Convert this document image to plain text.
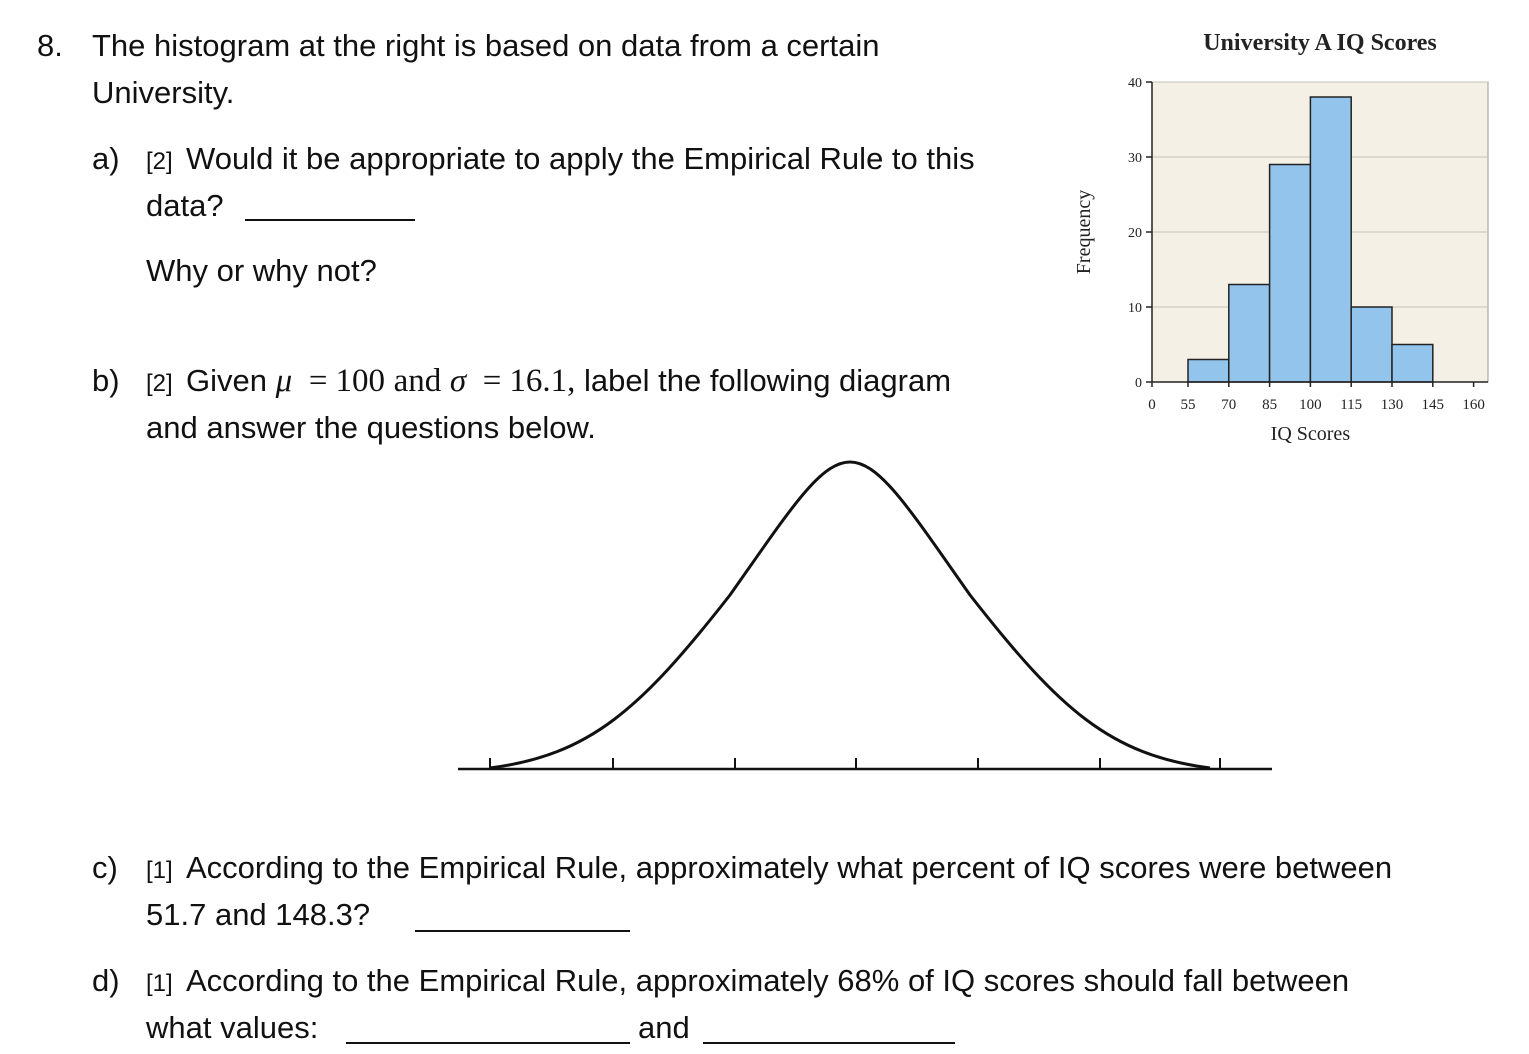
8. The histogram at the right is based on data from a certain
University.
a) [2] Would it be appropriate to apply the Empirical Rule to this
data?
Why or why not?
b) [2] Given μ = 100 and σ = 16.1, label the following diagram
and answer the questions below.
University A IQ Scores
0
10
20
30
40
0 55 70 85 100 115 130 145 160
Frequency
IQ Scores
c) [1] According to the Empirical Rule, approximately what percent of IQ scores were between
51.7 and 148.3?
d) [1] According to the Empirical Rule, approximately 68% of IQ scores should fall between
what values:	and
